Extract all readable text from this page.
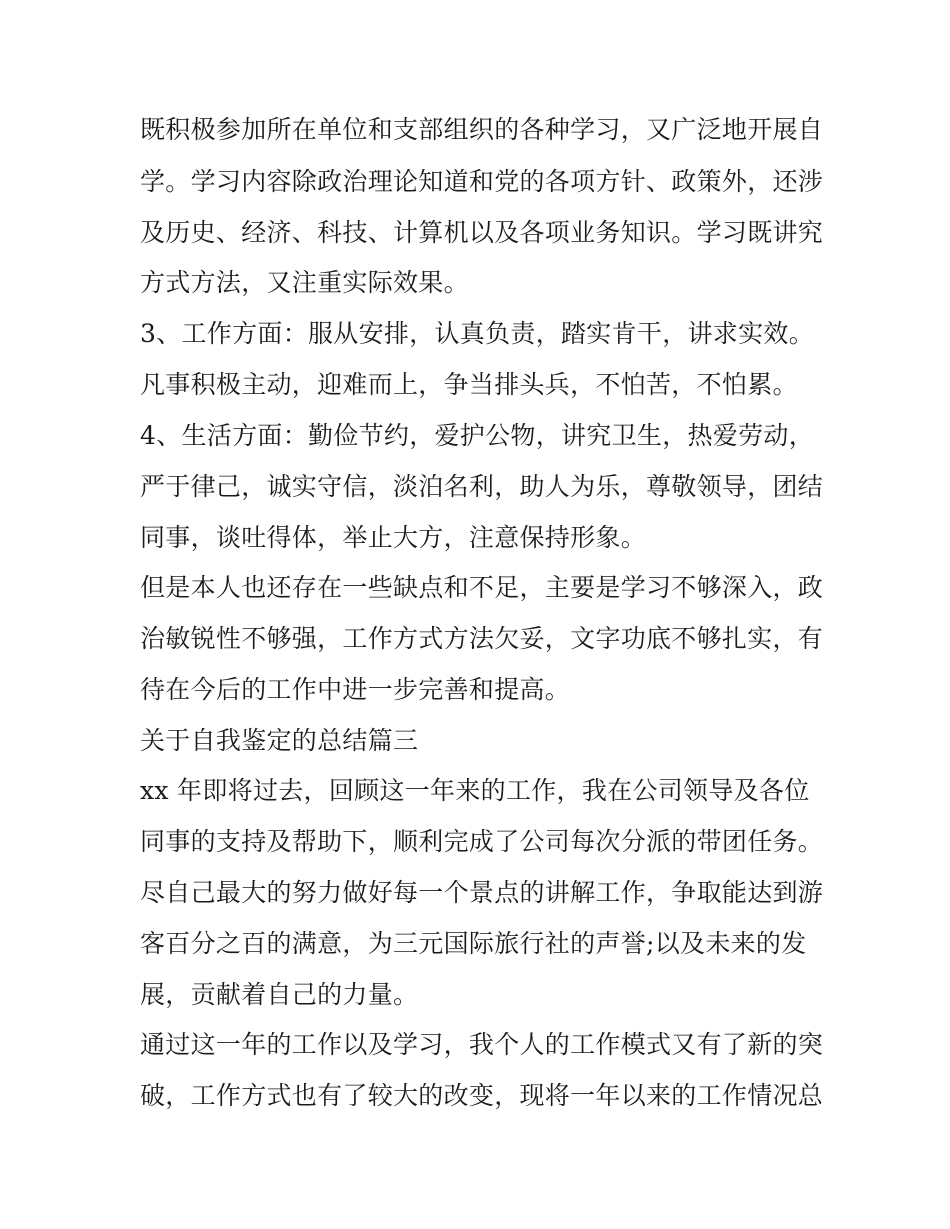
既积极参加所在单位和支部组织的各种学习，又广泛地开展自
学。学习内容除政治理论知道和党的各项方针、政策外，还涉
及历史、经济、科技、计算机以及各项业务知识。学习既讲究
方式方法，又注重实际效果。
3、工作方面：服从安排，认真负责，踏实肯干，讲求实效。
凡事积极主动，迎难而上，争当排头兵，不怕苦，不怕累。
4、生活方面：勤俭节约，爱护公物，讲究卫生，热爱劳动，
严于律己，诚实守信，淡泊名利，助人为乐，尊敬领导，团结
同事，谈吐得体，举止大方，注意保持形象。
但是本人也还存在一些缺点和不足，主要是学习不够深入，政
治敏锐性不够强，工作方式方法欠妥，文字功底不够扎实，有
待在今后的工作中进一步完善和提高。
关于自我鉴定的总结篇三
xx 年即将过去，回顾这一年来的工作，我在公司领导及各位
同事的支持及帮助下，顺利完成了公司每次分派的带团任务。
尽自己最大的努力做好每一个景点的讲解工作，争取能达到游
客百分之百的满意，为三元国际旅行社的声誉;以及未来的发
展，贡献着自己的力量。
通过这一年的工作以及学习，我个人的工作模式又有了新的突
破，工作方式也有了较大的改变，现将一年以来的工作情况总
